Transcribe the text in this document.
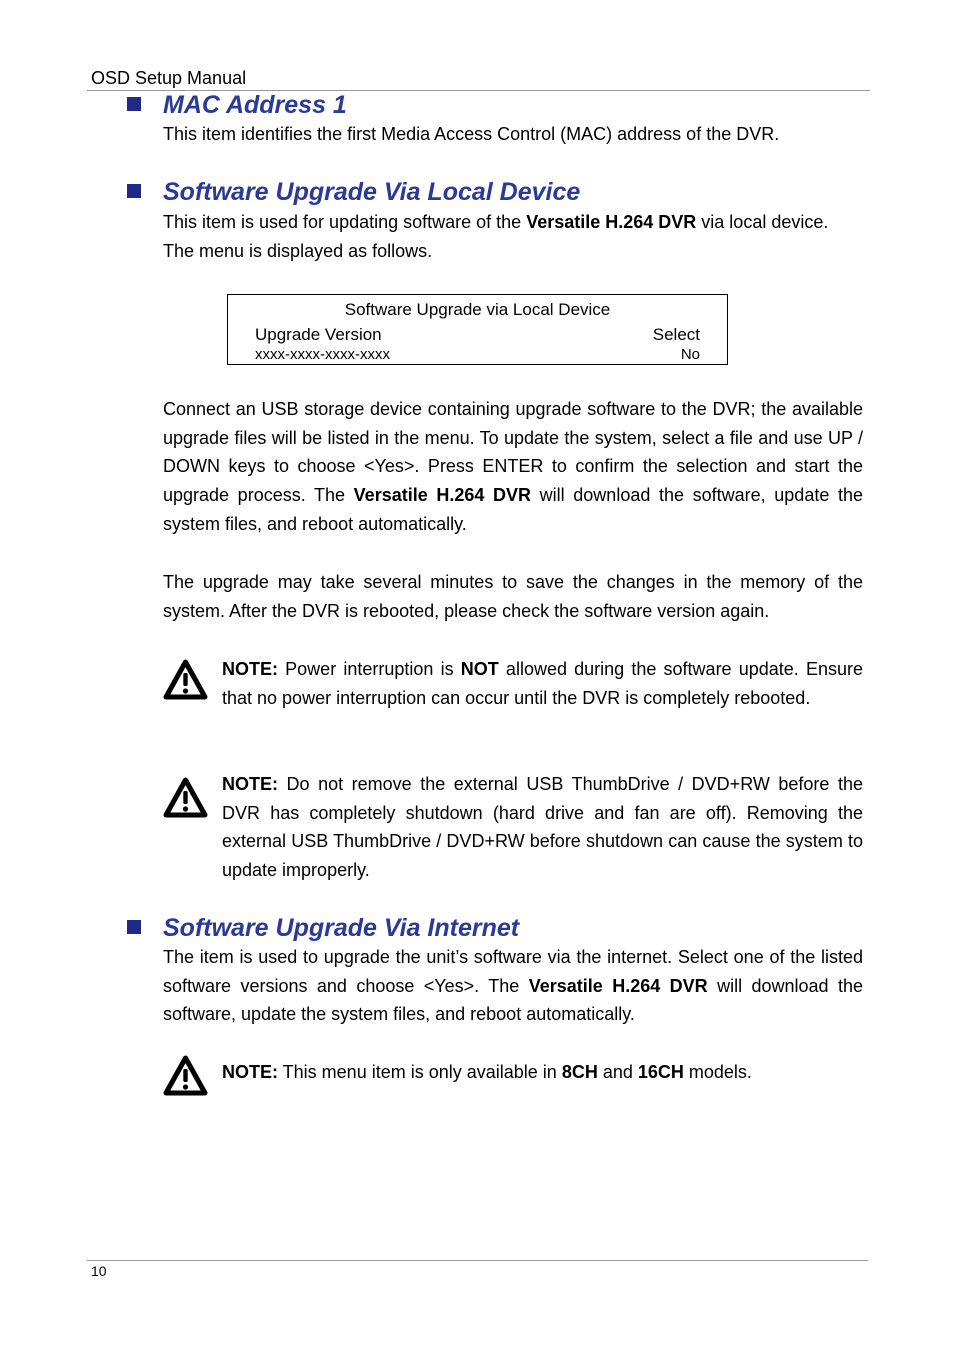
OSD Setup Manual
MAC Address 1
This item identifies the first Media Access Control (MAC) address of the DVR.
Software Upgrade Via Local Device
This item is used for updating software of the Versatile H.264 DVR via local device. The menu is displayed as follows.
Software Upgrade via Local Device
Upgrade Version	Select
xxxx-xxxx-xxxx-xxxx	No
Connect an USB storage device containing upgrade software to the DVR; the available upgrade files will be listed in the menu. To update the system, select a file and use UP / DOWN keys to choose <Yes>. Press ENTER to confirm the selection and start the upgrade process. The Versatile H.264 DVR will download the software, update the system files, and reboot automatically.
The upgrade may take several minutes to save the changes in the memory of the system. After the DVR is rebooted, please check the software version again.
NOTE: Power interruption is NOT allowed during the software update. Ensure that no power interruption can occur until the DVR is completely rebooted.
NOTE: Do not remove the external USB ThumbDrive / DVD+RW before the DVR has completely shutdown (hard drive and fan are off). Removing the external USB ThumbDrive / DVD+RW before shutdown can cause the system to update improperly.
Software Upgrade Via Internet
The item is used to upgrade the unit’s software via the internet. Select one of the listed software versions and choose <Yes>. The Versatile H.264 DVR will download the software, update the system files, and reboot automatically.
NOTE: This menu item is only available in 8CH and 16CH models.
10
